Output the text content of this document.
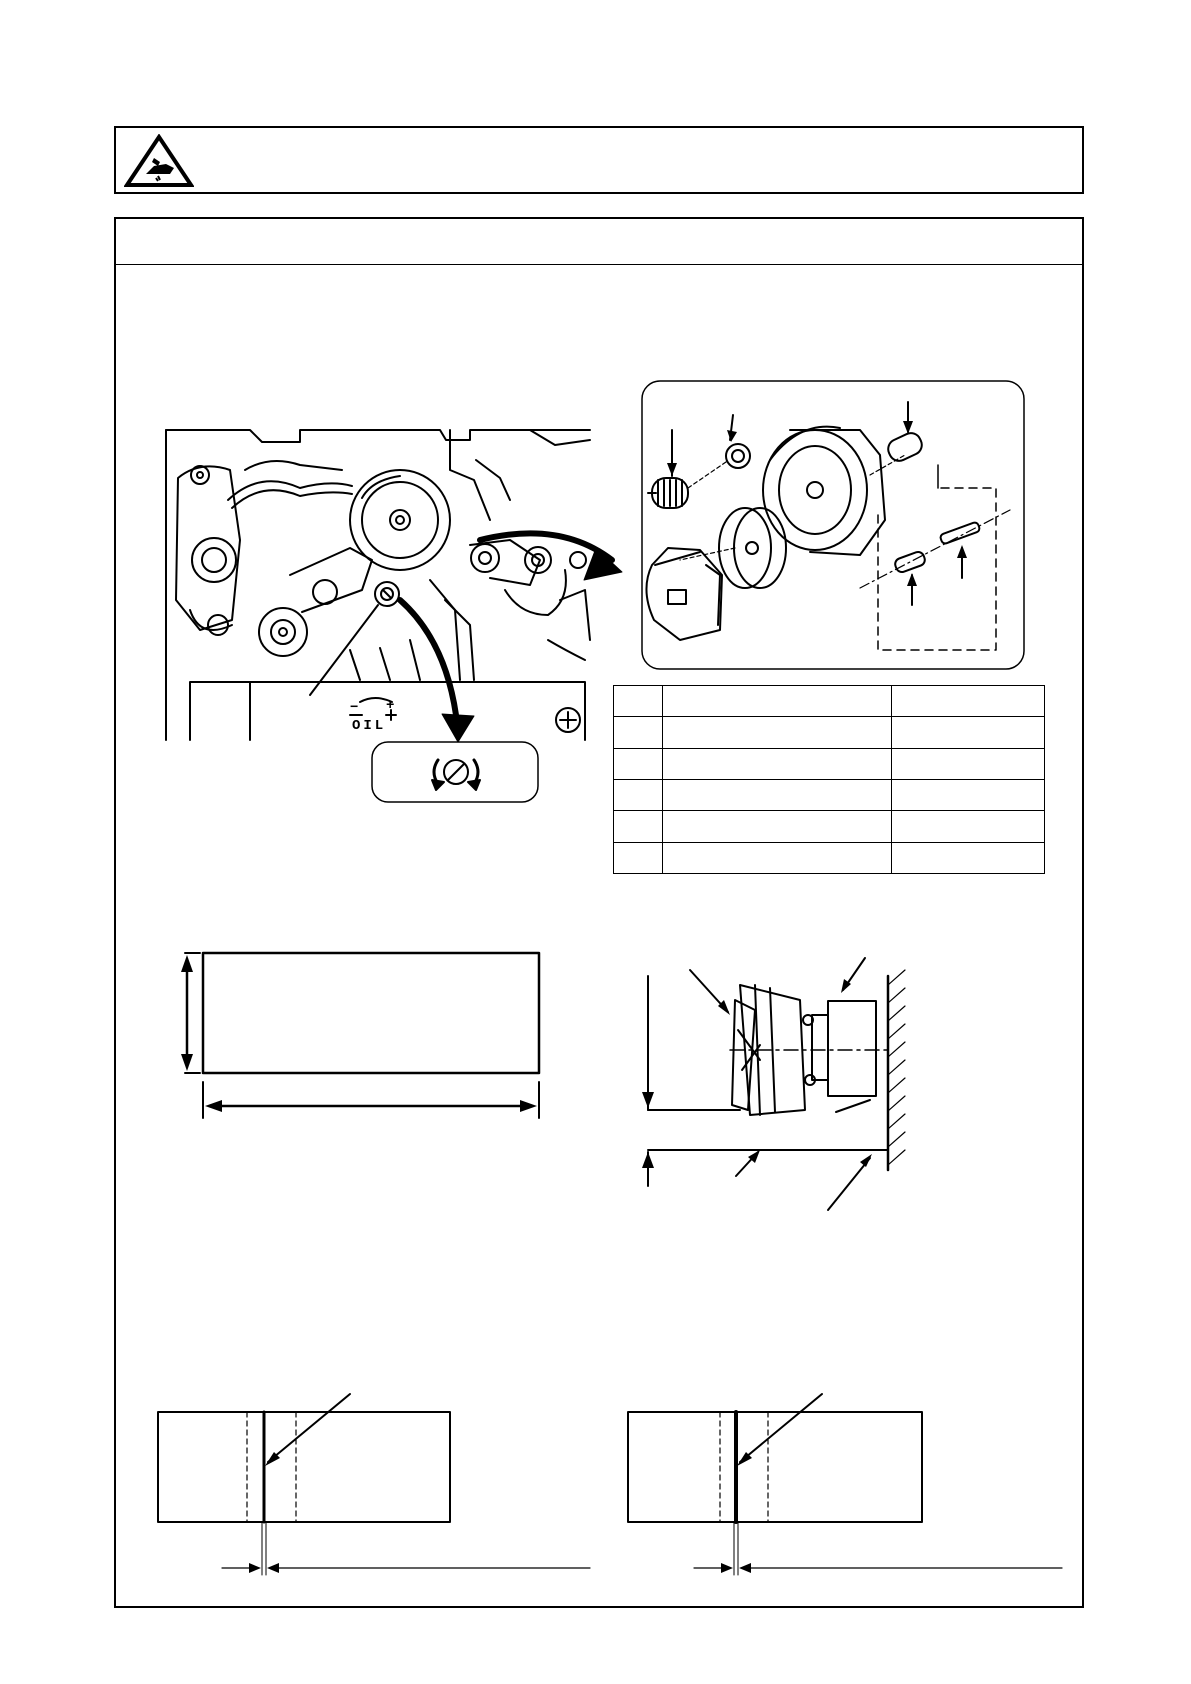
− +
OIL
